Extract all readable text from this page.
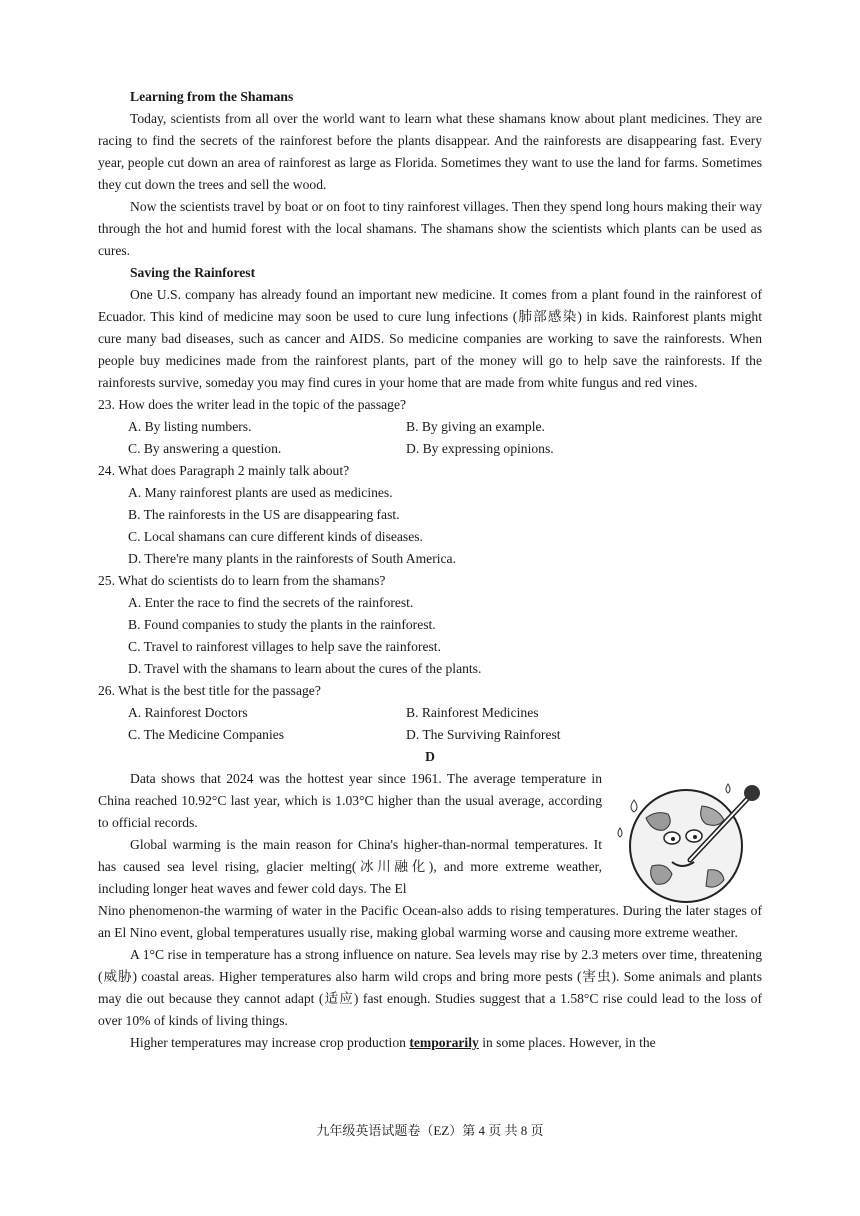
Learning from the Shamans

Today, scientists from all over the world want to learn what these shamans know about plant medicines. They are racing to find the secrets of the rainforest before the plants disappear. And the rainforests are disappearing fast. Every year, people cut down an area of rainforest as large as Florida. Sometimes they want to use the land for farms. Sometimes they cut down the trees and sell the wood.

Now the scientists travel by boat or on foot to tiny rainforest villages. Then they spend long hours making their way through the hot and humid forest with the local shamans. The shamans show the scientists which plants can be used as cures.

Saving the Rainforest

One U.S. company has already found an important new medicine. It comes from a plant found in the rainforest of Ecuador. This kind of medicine may soon be used to cure lung infections (肺部感染) in kids. Rainforest plants might cure many bad diseases, such as cancer and AIDS. So medicine companies are working to save the rainforests. When people buy medicines made from the rainforest plants, part of the money will go to help save the rainforests. If the rainforests survive, someday you may find cures in your home that are made from white fungus and red vines.

23. How does the writer lead in the topic of the passage?

A. By listing numbers.	B. By giving an example.
C. By answering a question.	D. By expressing opinions.

24. What does Paragraph 2 mainly talk about?

A. Many rainforest plants are used as medicines.

B. The rainforests in the US are disappearing fast.

C. Local shamans can cure different kinds of diseases.

D. There're many plants in the rainforests of South America.

25. What do scientists do to learn from the shamans?

A. Enter the race to find the secrets of the rainforest.

B. Found companies to study the plants in the rainforest.

C. Travel to rainforest villages to help save the rainforest.

D. Travel with the shamans to learn about the cures of the plants.

26. What is the best title for the passage?

A. Rainforest Doctors	B. Rainforest Medicines
C. The Medicine Companies	D. The Surviving Rainforest

D

Data shows that 2024 was the hottest year since 1961. The average temperature in China reached 10.92°C last year, which is 1.03°C higher than the usual average, according to official records.

Global warming is the main reason for China's higher-than-normal temperatures. It has caused sea level rising, glacier melting(冰川融化), and more extreme weather, including longer heat waves and fewer cold days. The El

Nino phenomenon-the warming of water in the Pacific Ocean-also adds to rising temperatures. During the later stages of an El Nino event, global temperatures usually rise, making global warming worse and causing more extreme weather.

A 1°C rise in temperature has a strong influence on nature. Sea levels may rise by 2.3 meters over time, threatening (威胁) coastal areas. Higher temperatures also harm wild crops and bring more pests (害虫). Some animals and plants may die out because they cannot adapt (适应) fast enough. Studies suggest that a 1.58°C rise could lead to the loss of over 10% of kinds of living things.

Higher temperatures may increase crop production temporarily in some places. However, in the

九年级英语试题卷（EZ）第 4 页 共 8 页
